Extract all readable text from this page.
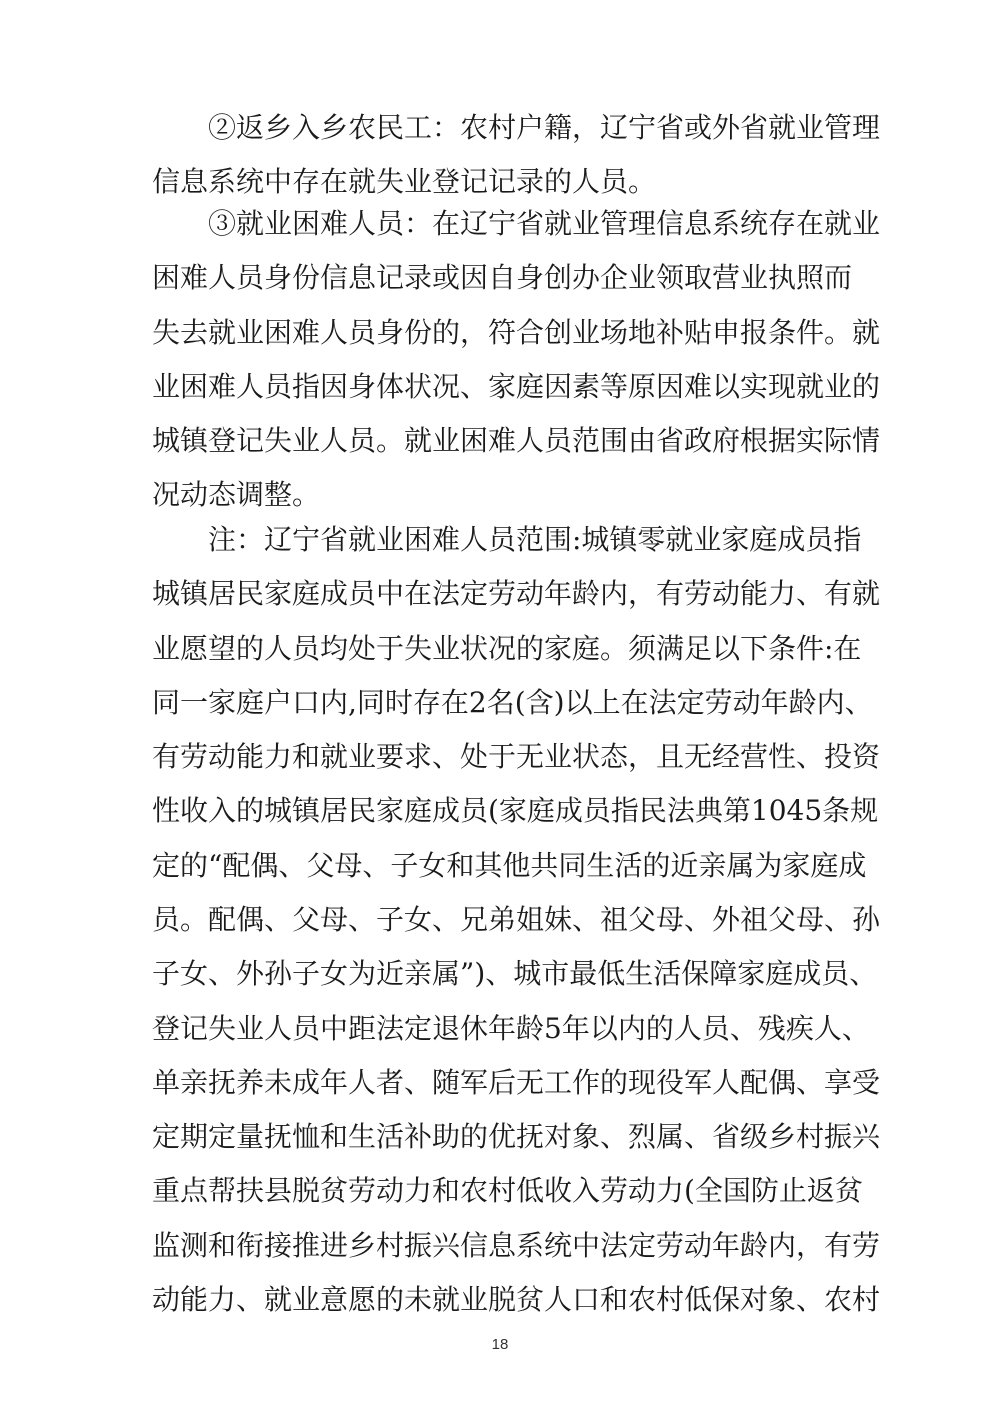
②返乡入乡农民工：农村户籍，辽宁省或外省就业管理
信息系统中存在就失业登记记录的人员。
③就业困难人员：在辽宁省就业管理信息系统存在就业
困难人员身份信息记录或因自身创办企业领取营业执照而
失去就业困难人员身份的，符合创业场地补贴申报条件。就
业困难人员指因身体状况、家庭因素等原因难以实现就业的
城镇登记失业人员。就业困难人员范围由省政府根据实际情
况动态调整。
注：辽宁省就业困难人员范围:城镇零就业家庭成员指
城镇居民家庭成员中在法定劳动年龄内，有劳动能力、有就
业愿望的人员均处于失业状况的家庭。须满足以下条件:在
同一家庭户口内,同时存在2名(含)以上在法定劳动年龄内、
有劳动能力和就业要求、处于无业状态，且无经营性、投资
性收入的城镇居民家庭成员(家庭成员指民法典第1045条规
定的“配偶、父母、子女和其他共同生活的近亲属为家庭成
员。配偶、父母、子女、兄弟姐妹、祖父母、外祖父母、孙
子女、外孙子女为近亲属”)、城市最低生活保障家庭成员、
登记失业人员中距法定退休年龄5年以内的人员、残疾人、
单亲抚养未成年人者、随军后无工作的现役军人配偶、享受
定期定量抚恤和生活补助的优抚对象、烈属、省级乡村振兴
重点帮扶县脱贫劳动力和农村低收入劳动力(全国防止返贫
监测和衔接推进乡村振兴信息系统中法定劳动年龄内，有劳
18
动能力、就业意愿的未就业脱贫人口和农村低保对象、农村
